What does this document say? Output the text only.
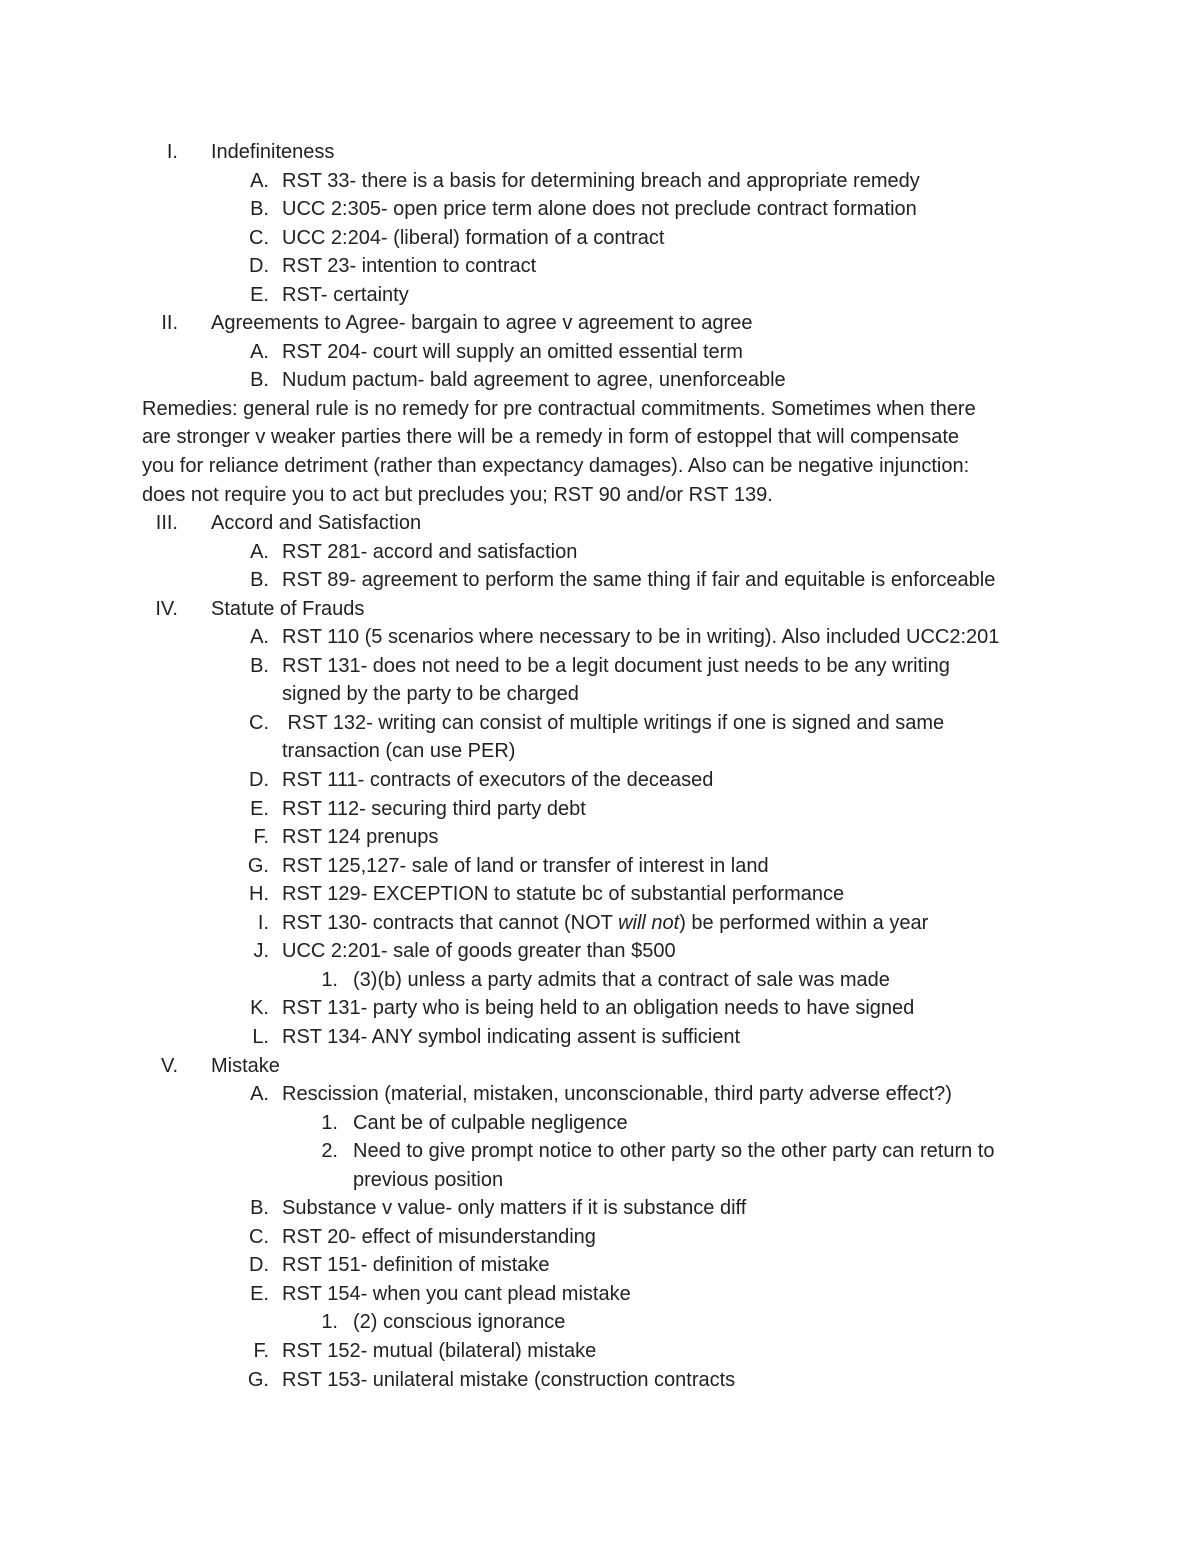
I. Indefiniteness
A. RST 33- there is a basis for determining breach and appropriate remedy
B. UCC 2:305- open price term alone does not preclude contract formation
C. UCC 2:204- (liberal) formation of a contract
D. RST 23- intention to contract
E. RST- certainty
II. Agreements to Agree- bargain to agree v agreement to agree
A. RST 204- court will supply an omitted essential term
B. Nudum pactum- bald agreement to agree, unenforceable
Remedies: general rule is no remedy for pre contractual commitments. Sometimes when there
are stronger v weaker parties there will be a remedy in form of estoppel that will compensate
you for reliance detriment (rather than expectancy damages). Also can be negative injunction:
does not require you to act but precludes you; RST 90 and/or RST 139.
III. Accord and Satisfaction
A. RST 281- accord and satisfaction
B. RST 89- agreement to perform the same thing if fair and equitable is enforceable
IV. Statute of Frauds
A. RST 110 (5 scenarios where necessary to be in writing). Also included UCC2:201
B. RST 131- does not need to be a legit document just needs to be any writing
signed by the party to be charged
C. RST 132- writing can consist of multiple writings if one is signed and same
transaction (can use PER)
D. RST 111- contracts of executors of the deceased
E. RST 112- securing third party debt
F. RST 124 prenups
G. RST 125,127- sale of land or transfer of interest in land
H. RST 129- EXCEPTION to statute bc of substantial performance
I. RST 130- contracts that cannot (NOT will not) be performed within a year
J. UCC 2:201- sale of goods greater than $500
1. (3)(b) unless a party admits that a contract of sale was made
K. RST 131- party who is being held to an obligation needs to have signed
L. RST 134- ANY symbol indicating assent is sufficient
V. Mistake
A. Rescission (material, mistaken, unconscionable, third party adverse effect?)
1. Cant be of culpable negligence
2. Need to give prompt notice to other party so the other party can return to
previous position
B. Substance v value- only matters if it is substance diff
C. RST 20- effect of misunderstanding
D. RST 151- definition of mistake
E. RST 154- when you cant plead mistake
1. (2) conscious ignorance
F. RST 152- mutual (bilateral) mistake
G. RST 153- unilateral mistake (construction contracts
